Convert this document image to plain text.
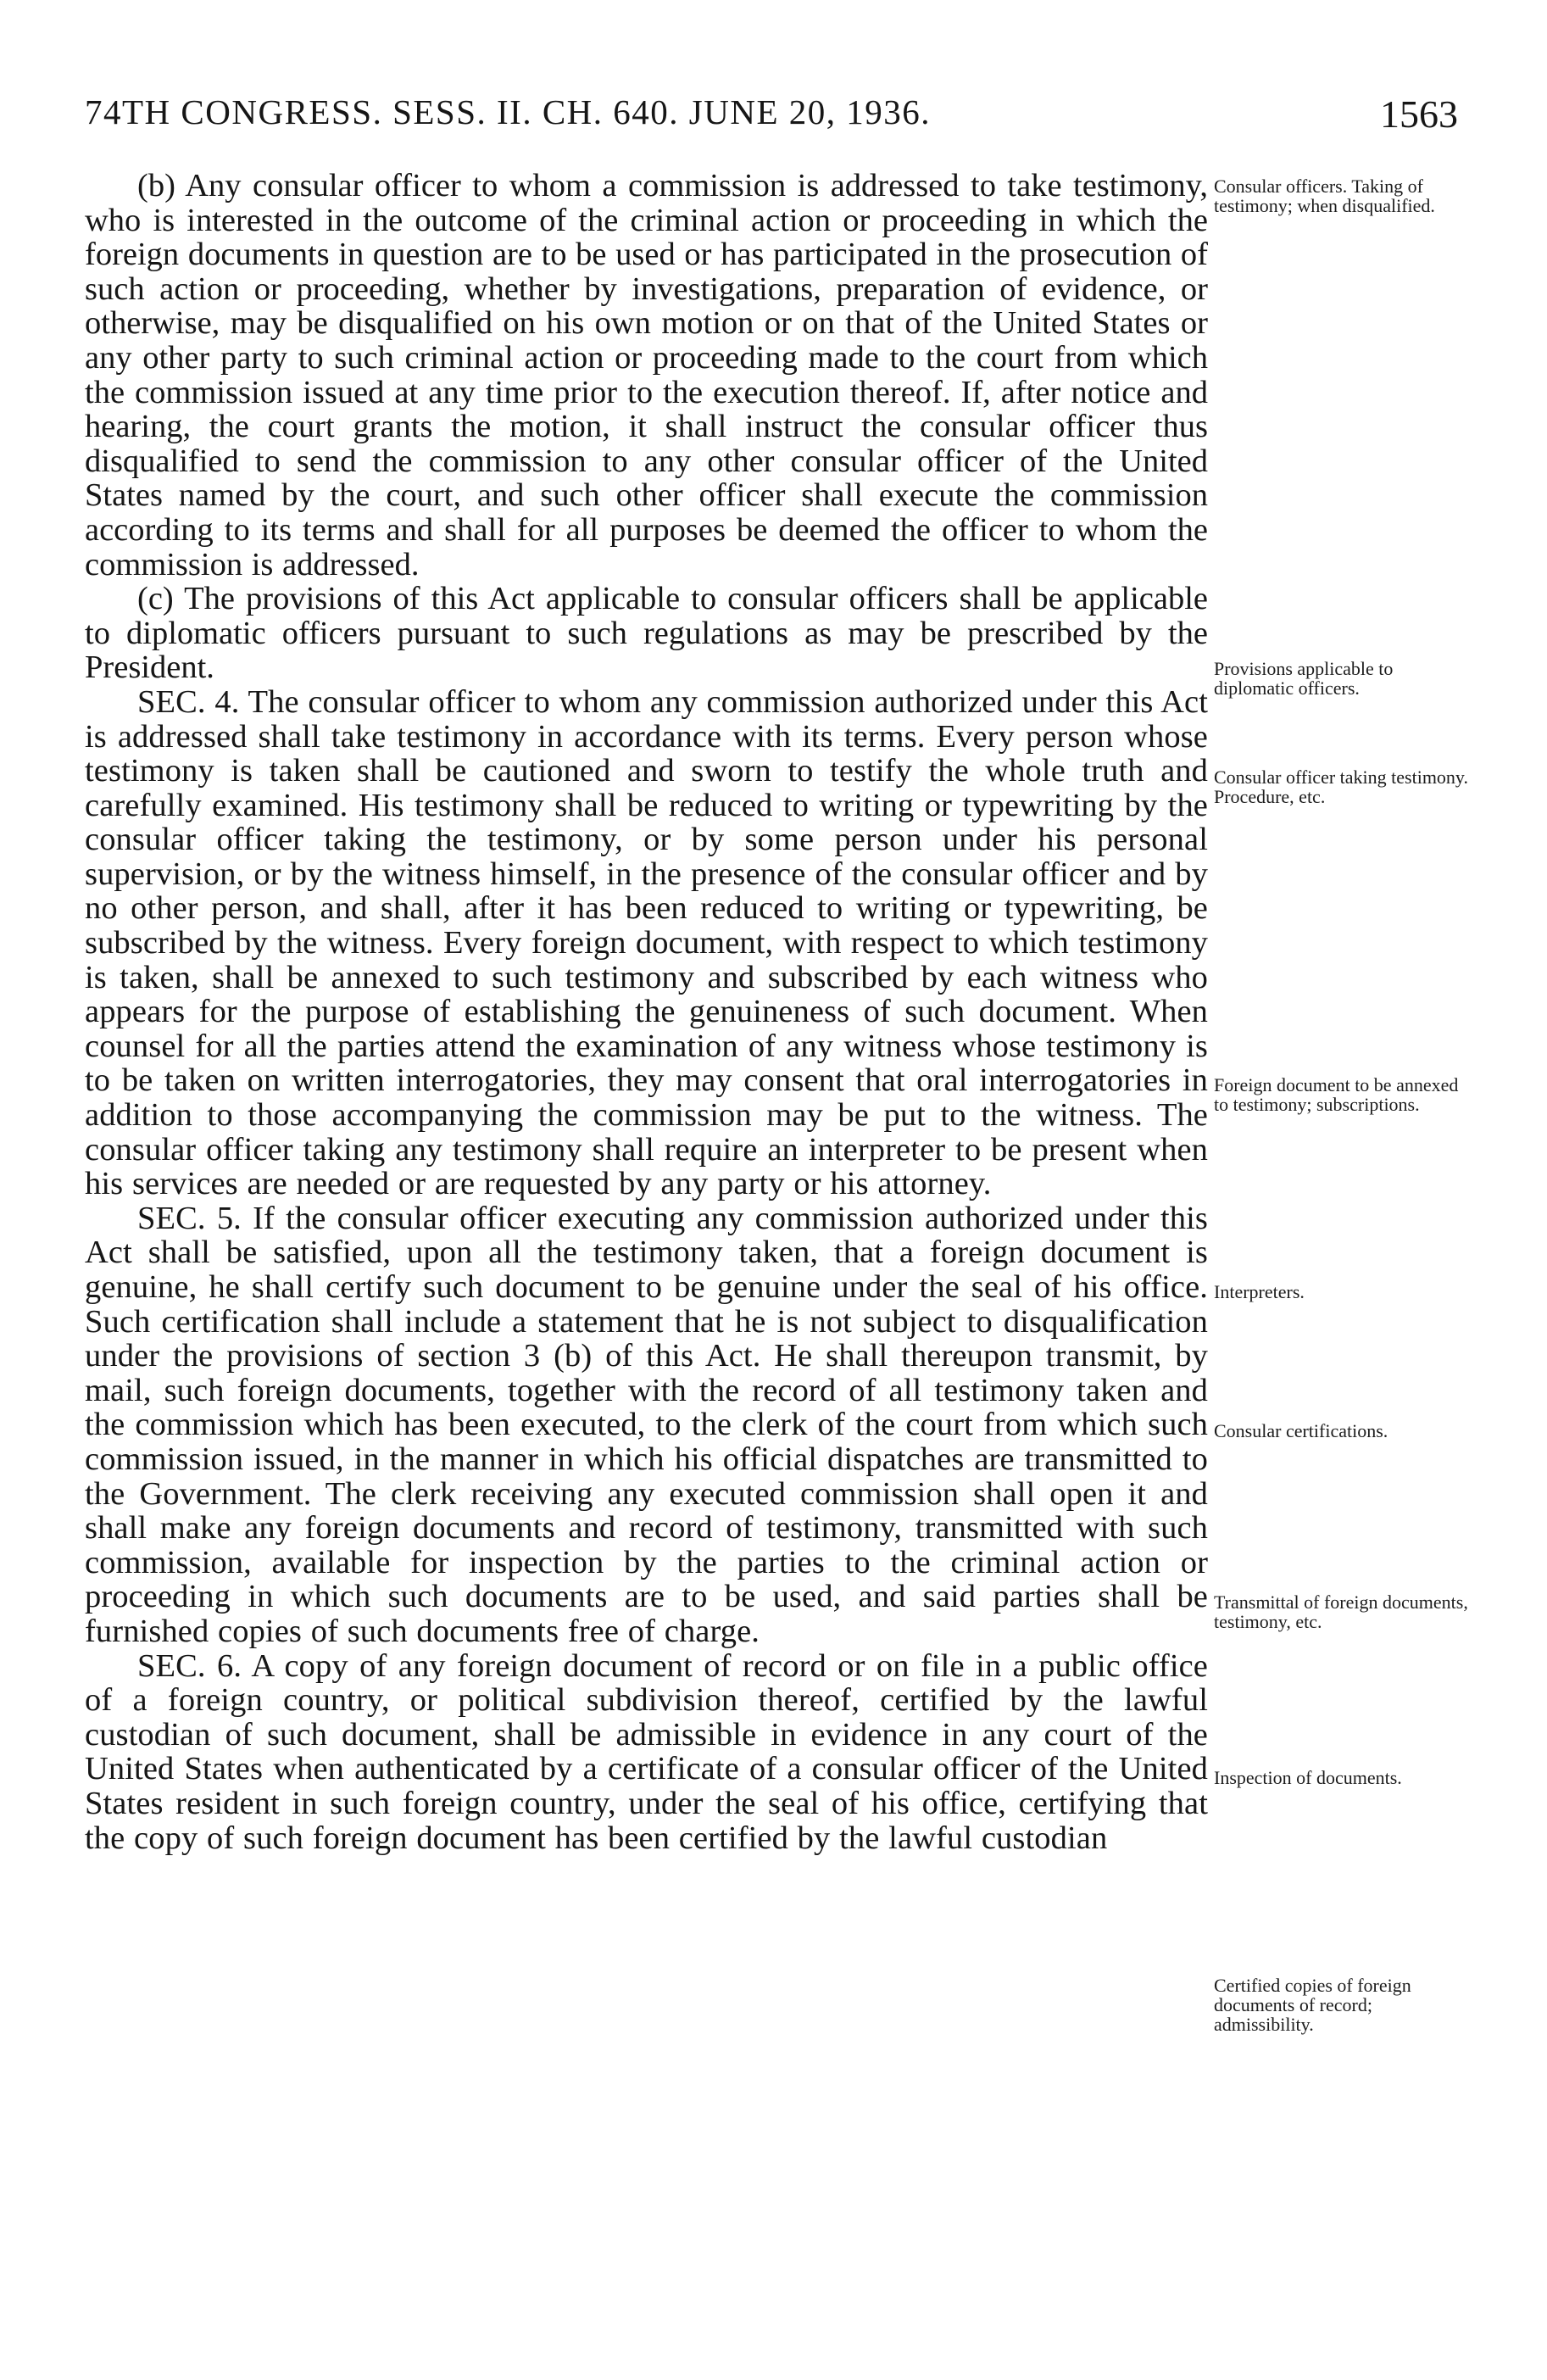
74TH CONGRESS. SESS. II. CH. 640. JUNE 20, 1936.	1563

(b) Any consular officer to whom a commission is addressed to take testimony, who is interested in the outcome of the criminal action or proceeding in which the foreign documents in question are to be used or has participated in the prosecution of such action or proceeding, whether by investigations, preparation of evidence, or otherwise, may be disqualified on his own motion or on that of the United States or any other party to such criminal action or proceeding made to the court from which the commission issued at any time prior to the execution thereof. If, after notice and hearing, the court grants the motion, it shall instruct the consular officer thus disqualified to send the commission to any other consular officer of the United States named by the court, and such other officer shall execute the commission according to its terms and shall for all purposes be deemed the officer to whom the commission is addressed.

(c) The provisions of this Act applicable to consular officers shall be applicable to diplomatic officers pursuant to such regulations as may be prescribed by the President.

SEC. 4. The consular officer to whom any commission authorized under this Act is addressed shall take testimony in accordance with its terms. Every person whose testimony is taken shall be cautioned and sworn to testify the whole truth and carefully examined. His testimony shall be reduced to writing or typewriting by the consular officer taking the testimony, or by some person under his personal supervision, or by the witness himself, in the presence of the consular officer and by no other person, and shall, after it has been reduced to writing or typewriting, be subscribed by the witness. Every foreign document, with respect to which testimony is taken, shall be annexed to such testimony and subscribed by each witness who appears for the purpose of establishing the genuineness of such document. When counsel for all the parties attend the examination of any witness whose testimony is to be taken on written interrogatories, they may consent that oral interrogatories in addition to those accompanying the commission may be put to the witness. The consular officer taking any testimony shall require an interpreter to be present when his services are needed or are requested by any party or his attorney.

SEC. 5. If the consular officer executing any commission authorized under this Act shall be satisfied, upon all the testimony taken, that a foreign document is genuine, he shall certify such document to be genuine under the seal of his office. Such certification shall include a statement that he is not subject to disqualification under the provisions of section 3 (b) of this Act. He shall thereupon transmit, by mail, such foreign documents, together with the record of all testimony taken and the commission which has been executed, to the clerk of the court from which such commission issued, in the manner in which his official dispatches are transmitted to the Government. The clerk receiving any executed commission shall open it and shall make any foreign documents and record of testimony, transmitted with such commission, available for inspection by the parties to the criminal action or proceeding in which such documents are to be used, and said parties shall be furnished copies of such documents free of charge.

SEC. 6. A copy of any foreign document of record or on file in a public office of a foreign country, or political subdivision thereof, certified by the lawful custodian of such document, shall be admissible in evidence in any court of the United States when authenticated by a certificate of a consular officer of the United States resident in such foreign country, under the seal of his office, certifying that the copy of such foreign document has been certified by the lawful custodian

Consular officers. Taking of testimony; when disqualified.
Provisions applicable to diplomatic officers.
Consular officer taking testimony. Procedure, etc.
Foreign document to be annexed to testimony; subscriptions.
Interpreters.
Consular certifications.
Transmittal of foreign documents, testimony, etc.
Inspection of documents.
Certified copies of foreign documents of record; admissibility.
